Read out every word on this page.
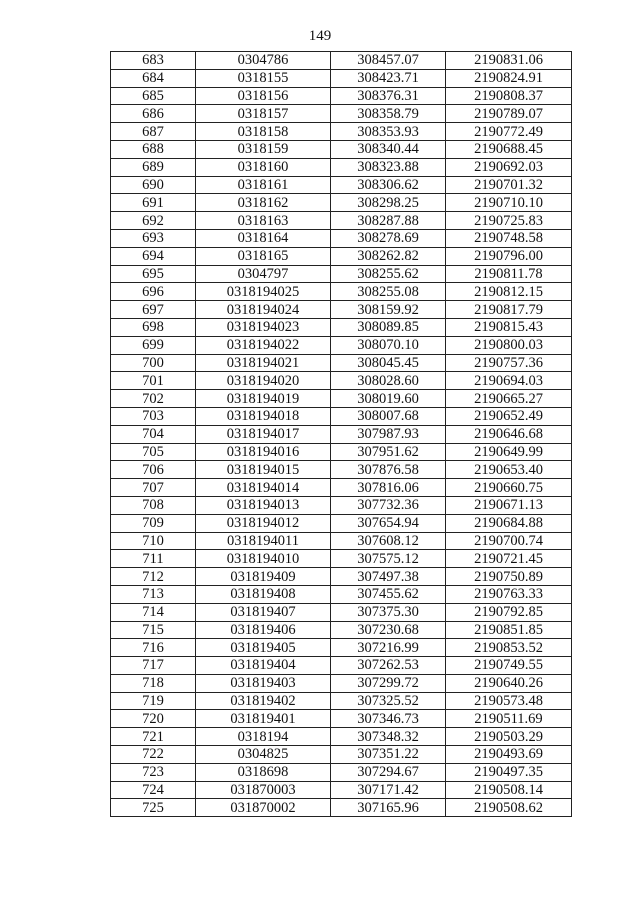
149
683	0304786	308457.07	2190831.06
684	0318155	308423.71	2190824.91
685	0318156	308376.31	2190808.37
686	0318157	308358.79	2190789.07
687	0318158	308353.93	2190772.49
688	0318159	308340.44	2190688.45
689	0318160	308323.88	2190692.03
690	0318161	308306.62	2190701.32
691	0318162	308298.25	2190710.10
692	0318163	308287.88	2190725.83
693	0318164	308278.69	2190748.58
694	0318165	308262.82	2190796.00
695	0304797	308255.62	2190811.78
696	0318194025	308255.08	2190812.15
697	0318194024	308159.92	2190817.79
698	0318194023	308089.85	2190815.43
699	0318194022	308070.10	2190800.03
700	0318194021	308045.45	2190757.36
701	0318194020	308028.60	2190694.03
702	0318194019	308019.60	2190665.27
703	0318194018	308007.68	2190652.49
704	0318194017	307987.93	2190646.68
705	0318194016	307951.62	2190649.99
706	0318194015	307876.58	2190653.40
707	0318194014	307816.06	2190660.75
708	0318194013	307732.36	2190671.13
709	0318194012	307654.94	2190684.88
710	0318194011	307608.12	2190700.74
711	0318194010	307575.12	2190721.45
712	031819409	307497.38	2190750.89
713	031819408	307455.62	2190763.33
714	031819407	307375.30	2190792.85
715	031819406	307230.68	2190851.85
716	031819405	307216.99	2190853.52
717	031819404	307262.53	2190749.55
718	031819403	307299.72	2190640.26
719	031819402	307325.52	2190573.48
720	031819401	307346.73	2190511.69
721	0318194	307348.32	2190503.29
722	0304825	307351.22	2190493.69
723	0318698	307294.67	2190497.35
724	031870003	307171.42	2190508.14
725	031870002	307165.96	2190508.62
